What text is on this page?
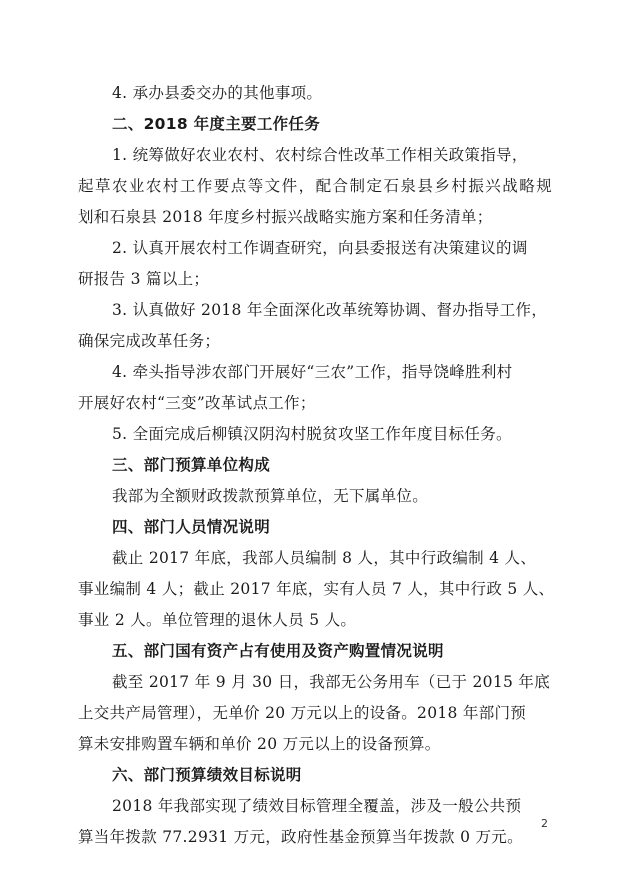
4. 承办县委交办的其他事项。
二、2018 年度主要工作任务
1. 统筹做好农业农村、农村综合性改革工作相关政策指导，
起草农业农村工作要点等文件，配合制定石泉县乡村振兴战略规
划和石泉县 2018 年度乡村振兴战略实施方案和任务清单；
2. 认真开展农村工作调查研究，向县委报送有决策建议的调
研报告 3 篇以上；
3. 认真做好 2018 年全面深化改革统筹协调、督办指导工作，
确保完成改革任务；
4. 牵头指导涉农部门开展好“三农”工作，指导饶峰胜利村
开展好农村“三变”改革试点工作；
5. 全面完成后柳镇汉阴沟村脱贫攻坚工作年度目标任务。
三、部门预算单位构成
我部为全额财政拨款预算单位，无下属单位。
四、部门人员情况说明
截止 2017 年底，我部人员编制 8 人，其中行政编制 4 人、
事业编制 4 人；截止 2017 年底，实有人员 7 人，其中行政 5 人、
事业 2 人。单位管理的退休人员 5 人。
五、部门国有资产占有使用及资产购置情况说明
截至 2017 年 9 月 30 日，我部无公务用车（已于 2015 年底
上交共产局管理），无单价 20 万元以上的设备。2018 年部门预
算未安排购置车辆和单价 20 万元以上的设备预算。
六、部门预算绩效目标说明
2018 年我部实现了绩效目标管理全覆盖，涉及一般公共预
算当年拨款 77.2931 万元，政府性基金预算当年拨款 0 万元。
2
